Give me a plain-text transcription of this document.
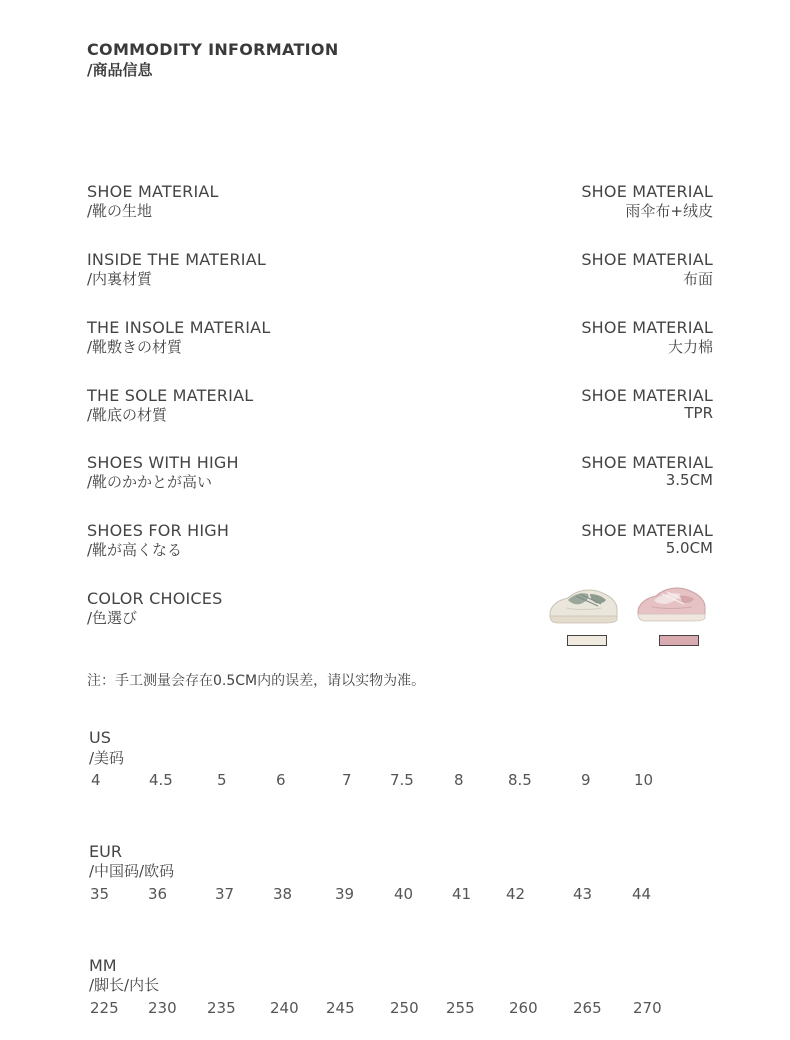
COMMODITY INFORMATION
/商品信息
SHOE MATERIAL
/靴の生地
SHOE MATERIAL
雨伞布+绒皮
INSIDE THE MATERIAL
/内裏材質
SHOE MATERIAL
布面
THE INSOLE MATERIAL
/靴敷きの材質
SHOE MATERIAL
大力棉
THE SOLE MATERIAL
/靴底の材質
SHOE MATERIAL
TPR
SHOES WITH HIGH
/靴のかかとが高い
SHOE MATERIAL
3.5CM
SHOES FOR HIGH
/靴が高くなる
SHOE MATERIAL
5.0CM
COLOR CHOICES
/色選び
注：手工测量会存在0.5CM内的误差，请以实物为准。
US
/美码
4	4.5	5	6	7	7.5	8	8.5	9	10
EUR
/中国码/欧码
35	36	37	38	39	40	41 42	43	44
MM
/脚长/内长
225 230 235 240 245 250 255 260 265 270
